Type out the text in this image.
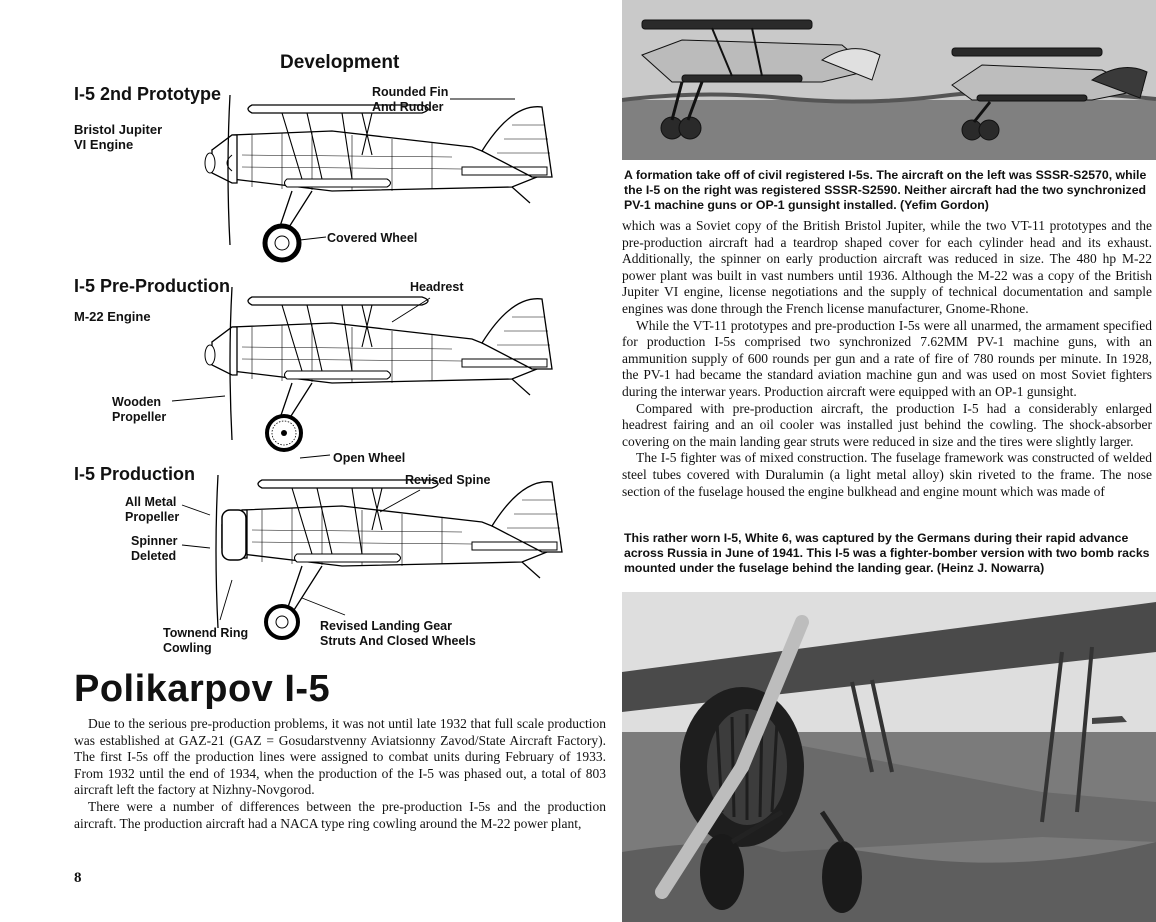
Development
I-5 2nd Prototype
Bristol Jupiter
VI Engine
Rounded Fin
And Rudder
Covered Wheel
I-5 Pre-Production
M-22 Engine
Headrest
Wooden
Propeller
Open Wheel
I-5 Production
All Metal
Propeller
Spinner
Deleted
Revised Spine
Townend Ring
Cowling
Revised Landing Gear
Struts And Closed Wheels
Polikarpov I-5

Due to the serious pre-production problems, it was not until late 1932 that full scale production was established at GAZ-21 (GAZ = Gosudarstvenny Aviatsionny Zavod/State Aircraft Factory). The first I-5s off the production lines were assigned to combat units during February of 1933. From 1932 until the end of 1934, when the production of the I-5 was phased out, a total of 803 aircraft left the factory at Nizhny-Novgorod.

There were a number of differences between the pre-production I-5s and the production aircraft. The production aircraft had a NACA type ring cowling around the M-22 power plant,

8
A formation take off of civil registered I-5s. The aircraft on the left was SSSR-S2570, while the I-5 on the right was registered SSSR-S2590. Neither aircraft had the two synchronized PV-1 machine guns or OP-1 gunsight installed. (Yefim Gordon)

which was a Soviet copy of the British Bristol Jupiter, while the two VT-11 prototypes and the pre-production aircraft had a teardrop shaped cover for each cylinder head and its exhaust. Additionally, the spinner on early production aircraft was reduced in size. The 480 hp M-22 power plant was built in vast numbers until 1936. Although the M-22 was a copy of the British Jupiter VI engine, license negotiations and the supply of technical documentation and sample engines was done through the French license manufacturer, Gnome-Rhone.

While the VT-11 prototypes and pre-production I-5s were all unarmed, the armament specified for production I-5s comprised two synchronized 7.62MM PV-1 machine guns, with an ammunition supply of 600 rounds per gun and a rate of fire of 780 rounds per minute. In 1928, the PV-1 had became the standard aviation machine gun and was used on most Soviet fighters during the interwar years. Production aircraft were equipped with an OP-1 gunsight.

Compared with pre-production aircraft, the production I-5 had a considerably enlarged headrest fairing and an oil cooler was installed just behind the cowling. The shock-absorber covering on the main landing gear struts were reduced in size and the tires were slightly larger.

The I-5 fighter was of mixed construction. The fuselage framework was constructed of welded steel tubes covered with Duralumin (a light metal alloy) skin riveted to the frame. The nose section of the fuselage housed the engine bulkhead and engine mount which was made of

This rather worn I-5, White 6, was captured by the Germans during their rapid advance across Russia in June of 1941. This I-5 was a fighter-bomber version with two bomb racks mounted under the fuselage behind the landing gear. (Heinz J. Nowarra)
